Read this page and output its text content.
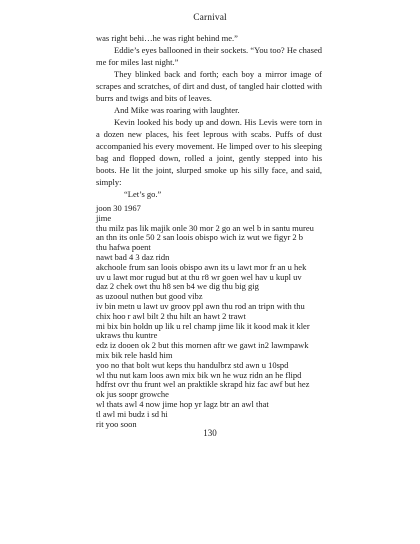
Carnival

was right behi…he was right behind me.”

Eddie’s eyes ballooned in their sockets. “You too? He chased me for miles last night.”

They blinked back and forth; each boy a mirror image of scrapes and scratches, of dirt and dust, of tangled hair clotted with burrs and twigs and bits of leaves.

And Mike was roaring with laughter.

Kevin looked his body up and down. His Levis were torn in a dozen new places, his feet leprous with scabs. Puffs of dust accompanied his every movement. He limped over to his sleeping bag and flopped down, rolled a joint, gently stepped into his boots. He lit the joint, slurped smoke up his silly face, and said, simply:

“Let’s go.”

joon 30 1967
jime
thu milz pas lik majik onle 30 mor 2 go an wel b in santu mureu
an thn its onle 50 2 san loois obispo wich iz wut we figyr 2 b
thu hafwa poent
nawt bad 4 3 daz ridn
akchoole frum san loois obispo awn its u lawt mor fr an u hek
uv u lawt mor rugud but at thu r8 wr goen wel hav u kupl uv
daz 2 chek owt thu h8 sen b4 we dig thu big gig
as uzooul nuthen but good vibz
iv bin metn u lawt uv groov ppl awn thu rod an tripn with thu
chix hoo r awl bilt 2 thu hilt an hawt 2 trawt
mi bix bin holdn up lik u rel champ jime lik it kood mak it kler
ukraws thu kuntre
edz iz dooen ok 2 but this mornen aftr we gawt in2 lawmpawk
mix bik rele hasld him
yoo no that bolt wut keps thu handulbrz std awn u 10spd
wl thu nut kam loos awn mix bik wn he wuz ridn an he flipd
hdfrst ovr thu frunt wel an praktikle skrapd hiz fac awf but hez
ok jus soopr growche
wl thats awl 4 now jime hop yr lagz btr an awl that
tl awl mi budz i sd hi
rit yoo soon
130
